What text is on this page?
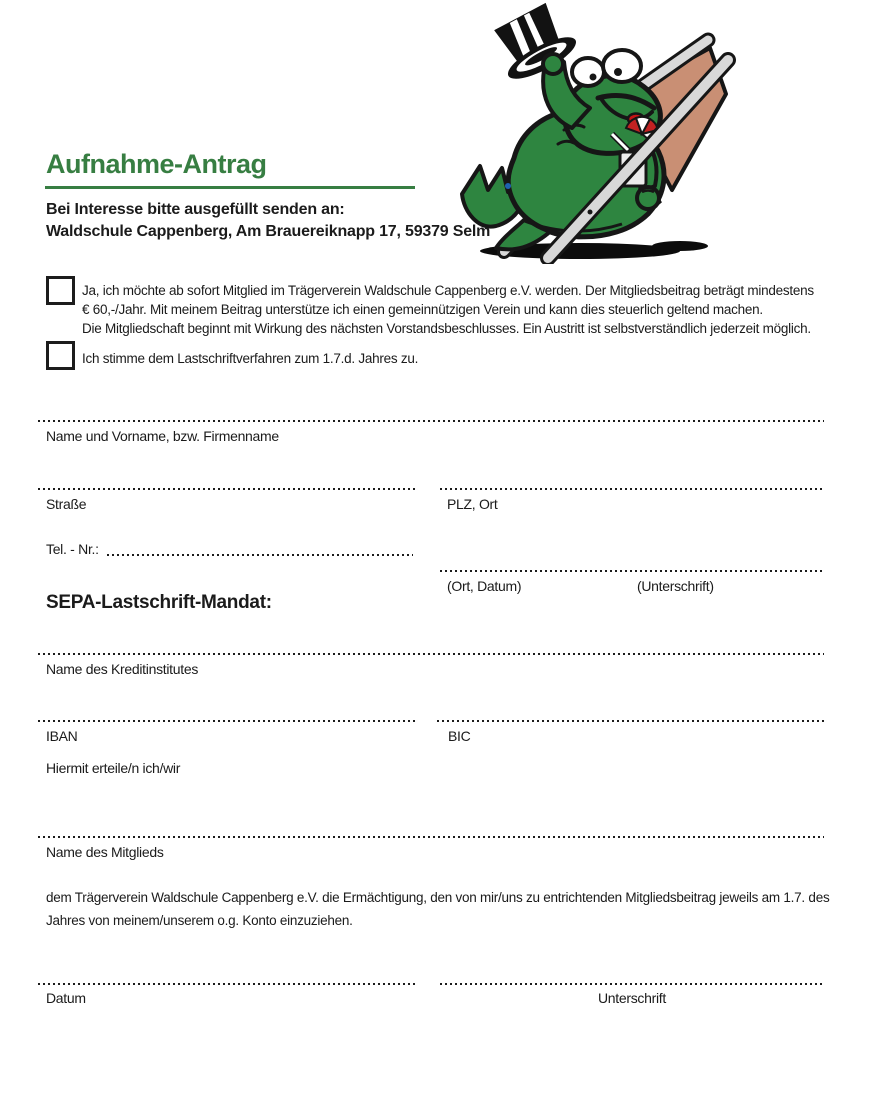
Aufnahme-Antrag
Bei Interesse bitte ausgefüllt senden an:
Waldschule Cappenberg, Am Brauereiknapp 17, 59379 Selm
Ja, ich möchte ab sofort Mitglied im Trägerverein Waldschule Cappenberg e.V. werden. Der Mitgliedsbeitrag beträgt mindestens
€ 60,-/Jahr. Mit meinem Beitrag unterstütze ich einen gemeinnützigen Verein und kann dies steuerlich geltend machen.
Die Mitgliedschaft beginnt mit Wirkung des nächsten Vorstandsbeschlusses. Ein Austritt ist selbstverständlich jederzeit möglich.
Ich stimme dem Lastschriftverfahren zum 1.7.d. Jahres zu.
Name und Vorname, bzw. Firmenname
Straße	PLZ, Ort
Tel. - Nr.:
(Ort, Datum)	(Unterschrift)
SEPA-Lastschrift-Mandat:
Name des Kreditinstitutes
IBAN	BIC
Hiermit erteile/n ich/wir
Name des Mitglieds
dem Trägerverein Waldschule Cappenberg e.V. die Ermächtigung, den von mir/uns zu entrichtenden Mitgliedsbeitrag jeweils am 1.7. des
Jahres von meinem/unserem o.g. Konto einzuziehen.
Datum	Unterschrift
